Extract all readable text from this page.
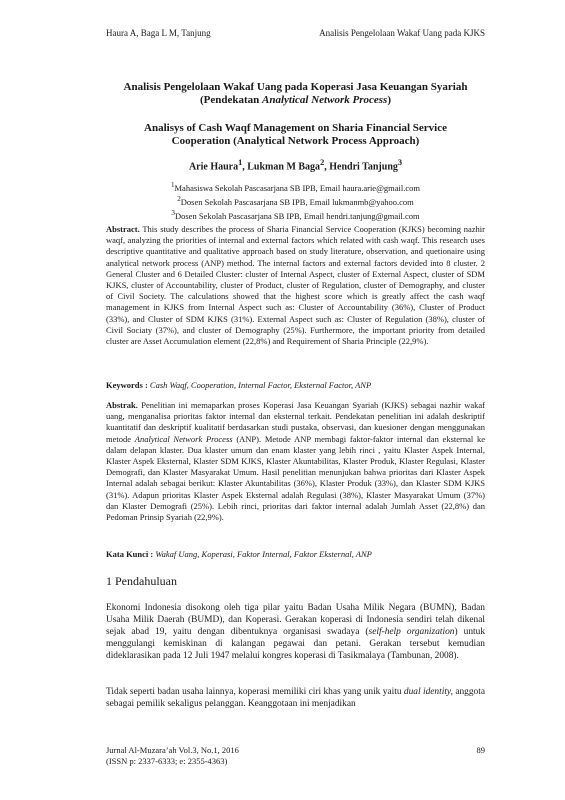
Haura A, Baga L M, Tanjung	Analisis Pengelolaan Wakaf Uang pada KJKS
Analisis Pengelolaan Wakaf Uang pada Koperasi Jasa Keuangan Syariah
(Pendekatan Analytical Network Process)
Analisys of Cash Waqf Management on Sharia Financial Service
Cooperation (Analytical Network Process Approach)
Arie Haura$^1$, Lukman M Baga$^2$, Hendri Tanjung$^3$
$^1$Mahasiswa Sekolah Pascasarjana SB IPB, Email haura.arie@gmail.com
$^2$Dosen Sekolah Pascasarjana SB IPB, Email lukmanmb@yahoo.com
$^3$Dosen Sekolah Pascasarjana SB IPB, Email hendri.tanjung@gmail.com
Abstract. This study describes the process of Sharia Financial Service Cooperation (KJKS) becoming nazhir waqf, analyzing the priorities of internal and external factors which related with cash waqf. This research uses descriptive quantitative and qualitative approach based on study literature, observation, and quetionaire using analytical network process (ANP) method. The internal factors and external factors devided into 8 cluster. 2 General Cluster and 6 Detailed Cluster: cluster of Internal Aspect, cluster of External Aspect, cluster of SDM KJKS, cluster of Accountability, cluster of Product, cluster of Regulation, cluster of Demography, and cluster of Civil Society. The calculations showed that the highest score which is greatly affect the cash waqf management in KJKS from Internal Aspect such as: Cluster of Accountability (36%), Cluster of Product (33%), and Cluster of SDM KJKS (31%). External Aspect such as: Cluster of Regulation (38%), cluster of Civil Sociaty (37%), and cluster of Demography (25%). Furthermore, the important priority from detailed cluster are Asset Accumulation element (22,8%) and Requirement of Sharia Principle (22,9%).
Keywords : Cash Waqf, Cooperation, Internal Factor, Eksternal Factor, ANP
Abstrak. Penelitian ini memaparkan proses Koperasi Jasa Keuangan Syariah (KJKS) sebagai nazhir wakaf uang, menganalisa prioritas faktor internal dan eksternal terkait. Pendekatan penelitian ini adalah deskriptif kuantitatif dan deskriptif kualitatif berdasarkan studi pustaka, observasi, dan kuesioner dengan menggunakan metode Analytical Network Process (ANP). Metode ANP membagi faktor-faktor internal dan eksternal ke dalam delapan klaster. Dua klaster umum dan enam klaster yang lebih rinci , yaitu Klaster Aspek Internal, Klaster Aspek Eksternal, Klaster SDM KJKS, Klaster Akuntabilitas, Klaster Produk, Klaster Regulasi, Klaster Demografi, dan Klaster Masyarakat Umum. Hasil penelitian menunjukan bahwa prioritas dari Klaster Aspek Internal adalah sebagai berikut: Klaster Akuntabilitas (36%), Klaster Produk (33%), dan Klaster SDM KJKS (31%). Adapun prioritas Klaster Aspek Eksternal adalah Regulasi (38%), Klaster Masyarakat Umum (37%) dan Klaster Demografi (25%). Lebih rinci, prioritas dari faktor internal adalah Jumlah Asset (22,8%) dan Pedoman Prinsip Syariah (22,9%).
Kata Kunci : Wakaf Uang, Koperasi, Faktor Internal, Faktor Eksternal, ANP
1 Pendahuluan
Ekonomi Indonesia disokong oleh tiga pilar yaitu Badan Usaha Milik Negara (BUMN), Badan Usaha Milik Daerah (BUMD), dan Koperasi. Gerakan koperasi di Indonesia sendiri telah dikenal sejak abad 19, yaitu dengan dibentuknya organisasi swadaya (self-help organization) untuk menggulangi kemiskinan di kalangan pegawai dan petani. Gerakan tersebut kemudian dideklarasikan pada 12 Juli 1947 melalui kongres koperasi di Tasikmalaya (Tambunan, 2008).
Tidak seperti badan usaha lainnya, koperasi memiliki ciri khas yang unik yaitu dual identity, anggota sebagai pemilik sekaligus pelanggan. Keanggotaan ini menjadikan
Jurnal Al-Muzara’ah Vol.3, No.1, 2016
(ISSN p: 2337-6333; e: 2355-4363)
89
